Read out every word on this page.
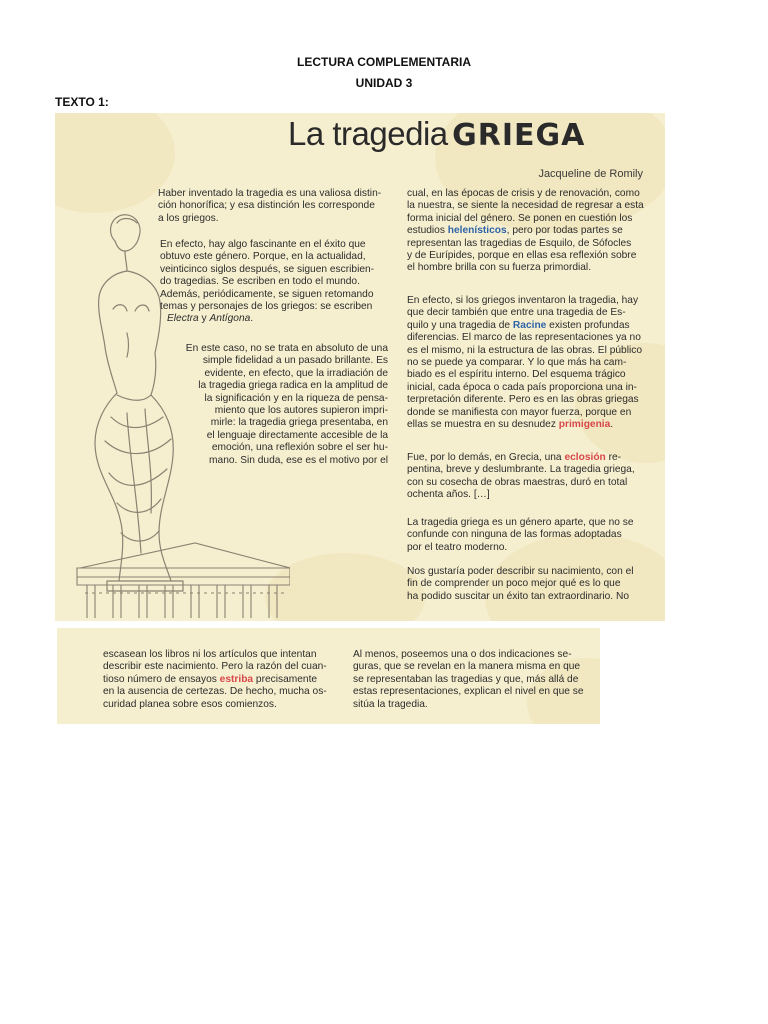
LECTURA COMPLEMENTARIA
UNIDAD 3
TEXTO 1:
La tragedia GRIEGA
Jacqueline de Romily
Haber inventado la tragedia es una valiosa distin-
ción honorífica; y esa distinción les corresponde
a los griegos.
En efecto, hay algo fascinante en el éxito que
obtuvo este género. Porque, en la actualidad,
veinticinco siglos después, se siguen escribien-
do tragedias. Se escriben en todo el mundo.
Además, periódicamente, se siguen retomando
temas y personajes de los griegos: se escriben
Electra y Antígona.
En este caso, no se trata en absoluto de una
simple fidelidad a un pasado brillante. Es
evidente, en efecto, que la irradiación de
la tragedia griega radica en la amplitud de
la significación y en la riqueza de pensa-
miento que los autores supieron impri-
mirle: la tragedia griega presentaba, en
el lenguaje directamente accesible de la
emoción, una reflexión sobre el ser hu-
mano. Sin duda, ese es el motivo por el
cual, en las épocas de crisis y de renovación, como
la nuestra, se siente la necesidad de regresar a esta
forma inicial del género. Se ponen en cuestión los
estudios helenísticos, pero por todas partes se
representan las tragedias de Esquilo, de Sófocles
y de Eurípides, porque en ellas esa reflexión sobre
el hombre brilla con su fuerza primordial.
En efecto, si los griegos inventaron la tragedia, hay
que decir también que entre una tragedia de Es-
quilo y una tragedia de Racine existen profundas
diferencias. El marco de las representaciones ya no
es el mismo, ni la estructura de las obras. El público
no se puede ya comparar. Y lo que más ha cam-
biado es el espíritu interno. Del esquema trágico
inicial, cada época o cada país proporciona una in-
terpretación diferente. Pero es en las obras griegas
donde se manifiesta con mayor fuerza, porque en
ellas se muestra en su desnudez primigenia.
Fue, por lo demás, en Grecia, una eclosión re-
pentina, breve y deslumbrante. La tragedia griega,
con su cosecha de obras maestras, duró en total
ochenta años. […]
La tragedia griega es un género aparte, que no se
confunde con ninguna de las formas adoptadas
por el teatro moderno.
Nos gustaría poder describir su nacimiento, con el
fin de comprender un poco mejor qué es lo que
ha podido suscitar un éxito tan extraordinario. No
escasean los libros ni los artículos que intentan
describir este nacimiento. Pero la razón del cuan-
tioso número de ensayos estriba precisamente
en la ausencia de certezas. De hecho, mucha os-
curidad planea sobre esos comienzos.
Al menos, poseemos una o dos indicaciones se-
guras, que se revelan en la manera misma en que
se representaban las tragedias y que, más allá de
estas representaciones, explican el nivel en que se
sitúa la tragedia.
